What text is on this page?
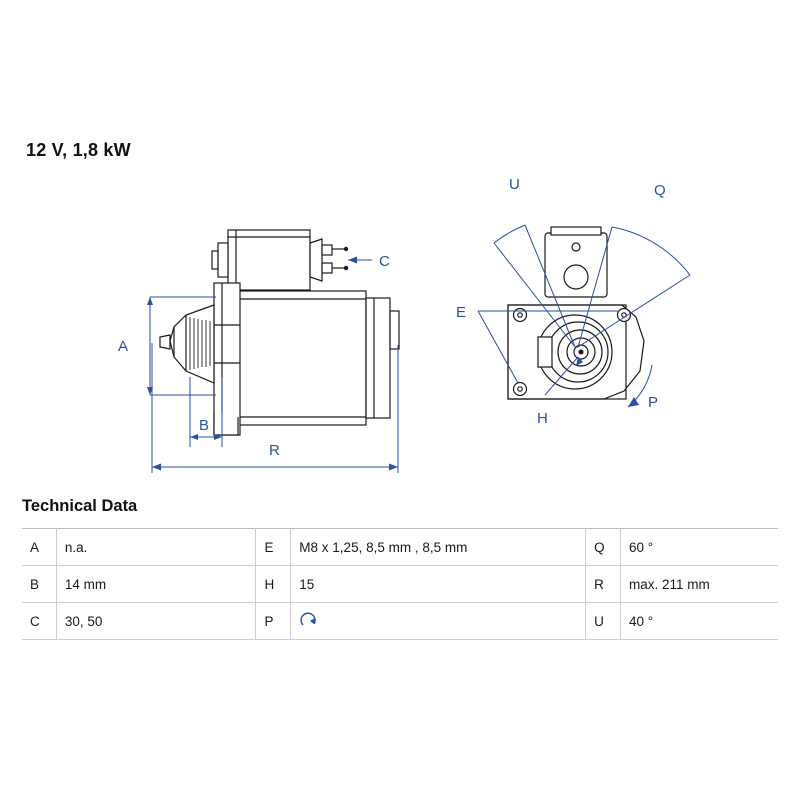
12 V, 1,8 kW
A
B
C
E
H
P
Q
R
U
Technical Data
A	n.a.	E	M8 x 1,25, 8,5 mm , 8,5 mm	Q	60 °
B	14 mm	H	15	R	max. 211 mm
C	30, 50	P		U	40 °
